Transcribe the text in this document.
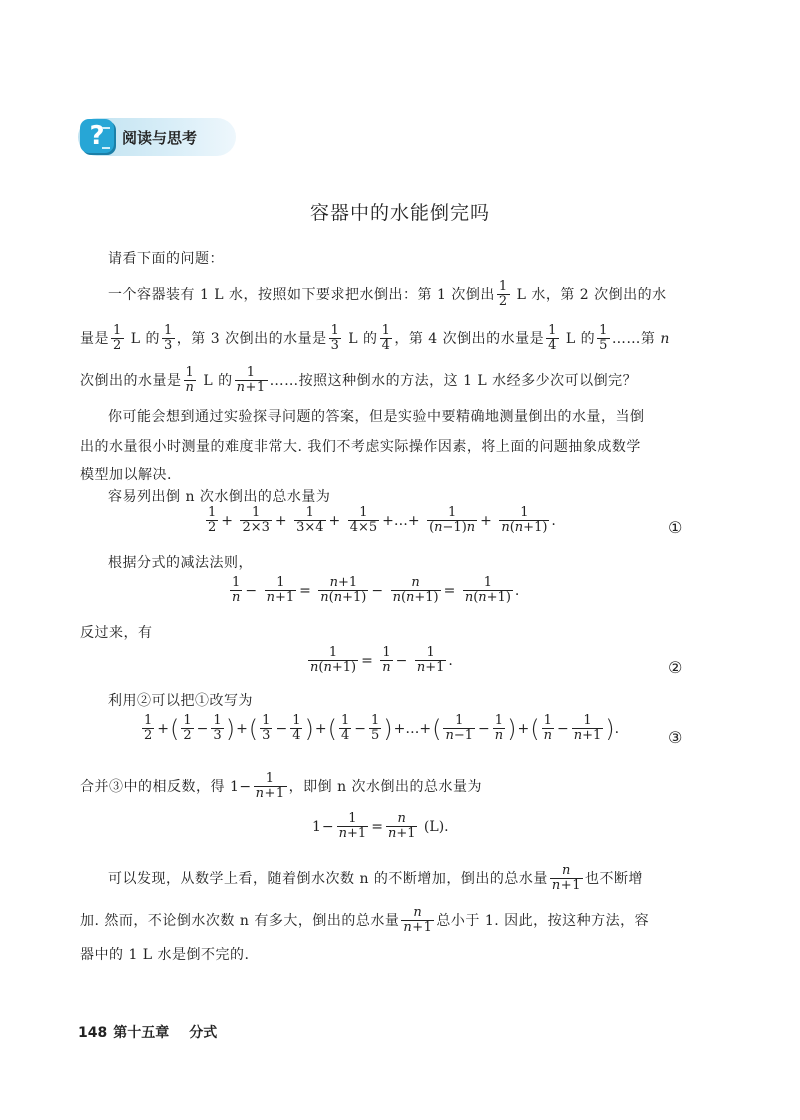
?	阅读与思考
容器中的水能倒完吗
请看下面的问题：
一个容器装有 1 L 水，按照如下要求把水倒出：第 1 次倒出 $\frac{1}{2}$ L 水，第 2 次倒出的水
量是 $\frac{1}{2}$ L 的 $\frac{1}{3}$ ，第 3 次倒出的水量是 $\frac{1}{3}$ L 的 $\frac{1}{4}$ ，第 4 次倒出的水量是 $\frac{1}{4}$ L 的 $\frac{1}{5}$ ……第 n
次倒出的水量是 $\frac{1}{n}$ L 的 $\frac{1}{n+1}$ ……按照这种倒水的方法，这 1 L 水经多少次可以倒完？
你可能会想到通过实验探寻问题的答案，但是实验中要精确地测量倒出的水量，当倒
出的水量很小时测量的难度非常大. 我们不考虑实际操作因素，将上面的问题抽象成数学
模型加以解决.
容易列出倒 n 次水倒出的总水量为
$\frac{1}{2} + \frac{1}{2\times 3} + \frac{1}{3\times 4} + \frac{1}{4\times 5}$ +…+ $\frac{1}{(n-1)n} + \frac{1}{n(n+1)}$ .	①
根据分式的减法法则，
$\frac{1}{n} - \frac{1}{n+1} = \frac{n+1}{n(n+1)} - \frac{n}{n(n+1)} = \frac{1}{n(n+1)}$ .
反过来，有
$\frac{1}{n(n+1)} = \frac{1}{n} - \frac{1}{n+1}$ .	②
利用②可以把①改写为
$\frac{1}{2}$ +( $\frac{1}{2} - \frac{1}{3}$ )+( $\frac{1}{3} - \frac{1}{4}$ )+( $\frac{1}{4} - \frac{1}{5}$ )+…+( $\frac{1}{n-1} - \frac{1}{n}$ )+( $\frac{1}{n} - \frac{1}{n+1}$ ).	③
合并③中的相反数，得 $1- \frac{1}{n+1}$ ，即倒 n 次水倒出的总水量为
$1- \frac{1}{n+1} = \frac{n}{n+1} (L)$.
可以发现，从数学上看，随着倒水次数 n 的不断增加，倒出的总水量 $\frac{n}{n+1}$ 也不断增
加. 然而，不论倒水次数 n 有多大，倒出的总水量 $\frac{n}{n+1}$ 总小于 1. 因此，按这种方法，容
器中的 1 L 水是倒不完的.
148 第十五章 分式
